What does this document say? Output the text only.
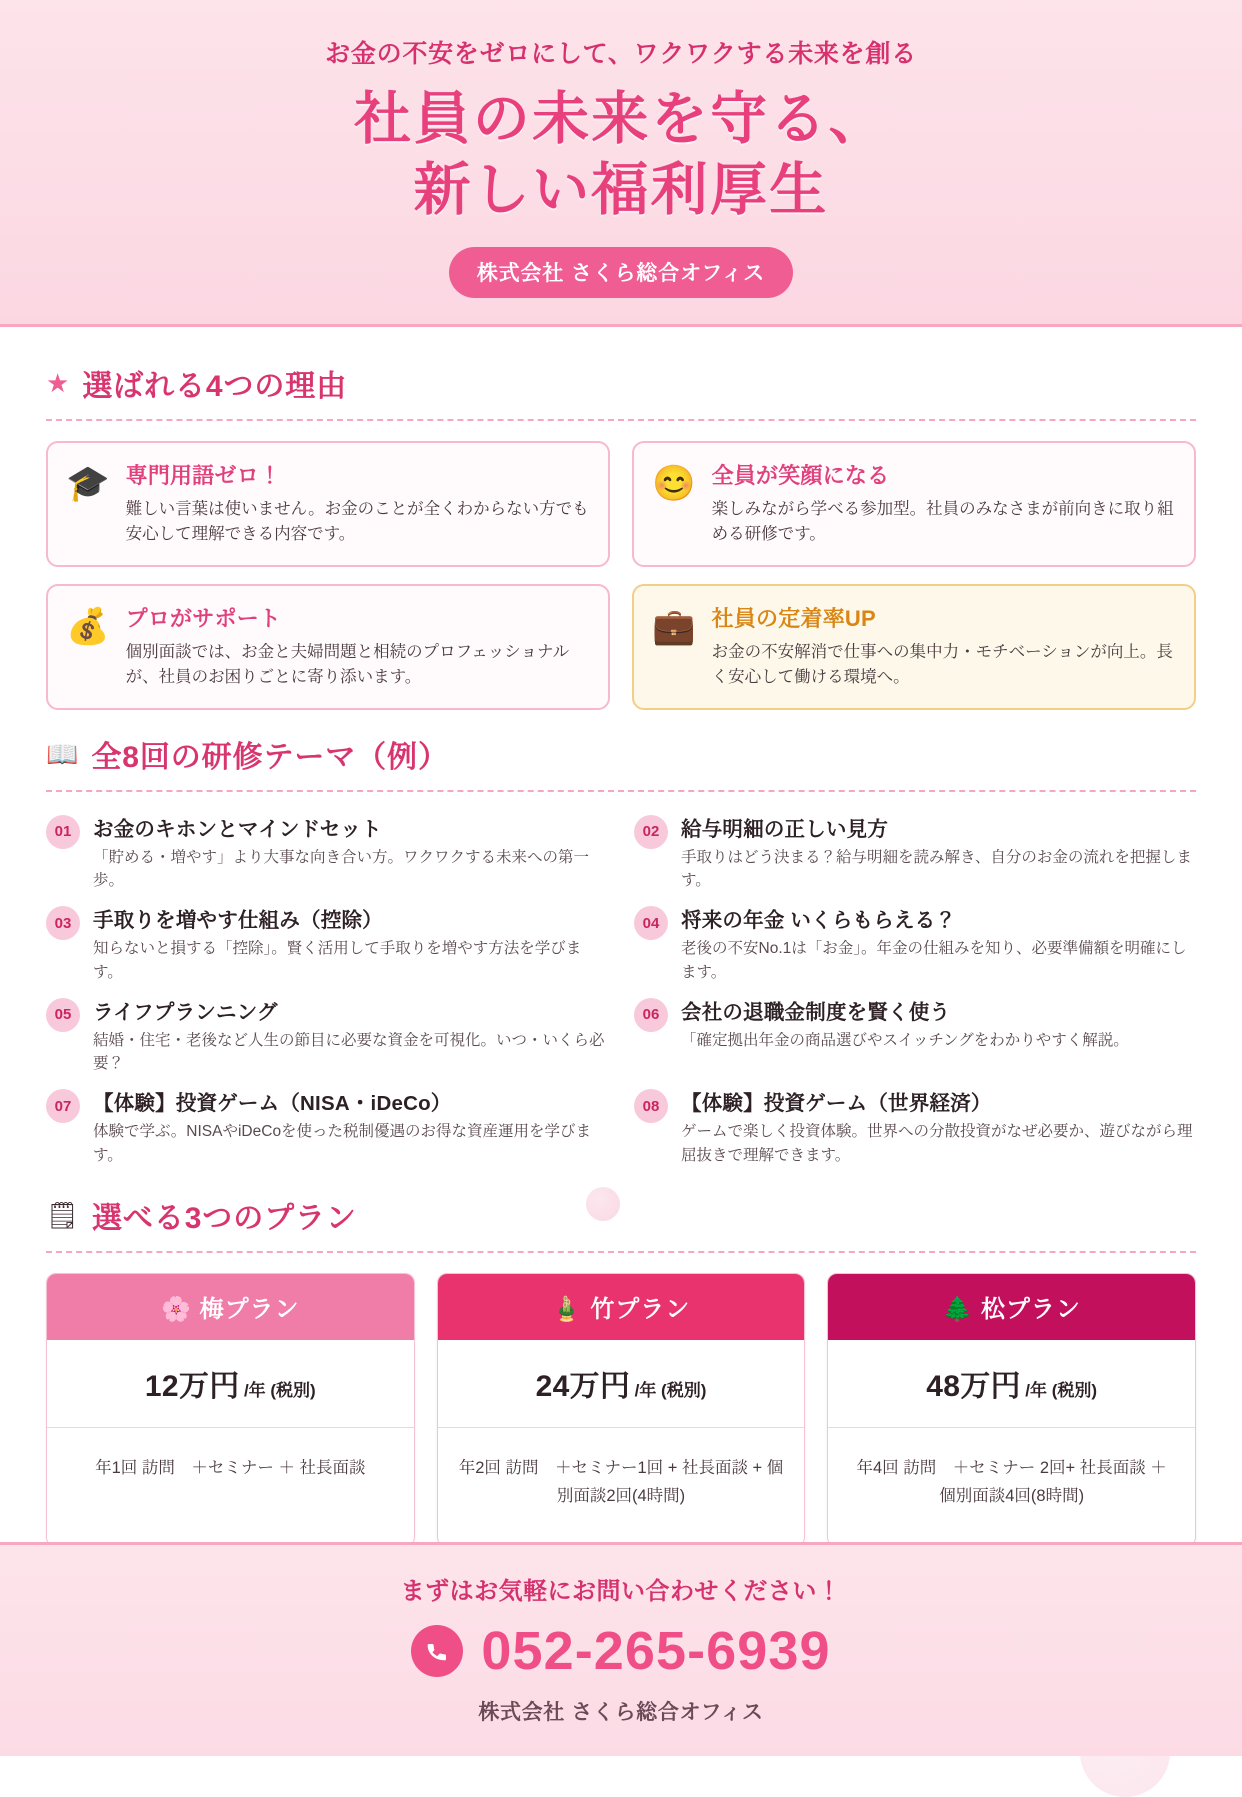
お金の不安をゼロにして、ワクワクする未来を創る
社員の未来を守る、
新しい福利厚生
株式会社 さくら総合オフィス
★ 選ばれる4つの理由
🎓 専門用語ゼロ！
難しい言葉は使いません。お金のことが全くわからない方でも安心して理解できる内容です。
😊 全員が笑顔になる
楽しみながら学べる参加型。社員のみなさまが前向きに取り組める研修です。
💰 プロがサポート
個別面談では、お金と夫婦問題と相続のプロフェッショナルが、社員のお困りごとに寄り添います。
💼 社員の定着率UP
お金の不安解消で仕事への集中力・モチベーションが向上。長く安心して働ける環境へ。
📖 全8回の研修テーマ（例）
01	お金のキホンとマインドセット
「貯める・増やす」より大事な向き合い方。ワクワクする未来への第一歩。
02	給与明細の正しい見方
手取りはどう決まる？給与明細を読み解き、自分のお金の流れを把握します。
03	手取りを増やす仕組み（控除）
知らないと損する「控除」。賢く活用して手取りを増やす方法を学びます。
04	将来の年金 いくらもらえる？
老後の不安No.1は「お金」。年金の仕組みを知り、必要準備額を明確にします。
05	ライフプランニング
結婚・住宅・老後など人生の節目に必要な資金を可視化。いつ・いくら必要？
06	会社の退職金制度を賢く使う
「確定拠出年金の商品選びやスイッチングをわかりやすく解説。
07	【体験】投資ゲーム（NISA・iDeCo）
体験で学ぶ。NISAやiDeCoを使った税制優遇のお得な資産運用を学びます。
08	【体験】投資ゲーム（世界経済）
ゲームで楽しく投資体験。世界への分散投資がなぜ必要か、遊びながら理屈抜きで理解できます。
🗒 選べる3つのプラン
🌸 梅プラン
12万円 /年 (税別)
年1回 訪問　＋セミナー ＋ 社長面談
🎍 竹プラン
24万円 /年 (税別)
年2回 訪問　＋セミナー1回 + 社長面談 + 個別面談2回(4時間)
🌲 松プラン
48万円 /年 (税別)
年4回 訪問　＋セミナー 2回+ 社長面談 ＋ 個別面談4回(8時間)
まずはお気軽にお問い合わせください！
052-265-6939
株式会社 さくら総合オフィス
